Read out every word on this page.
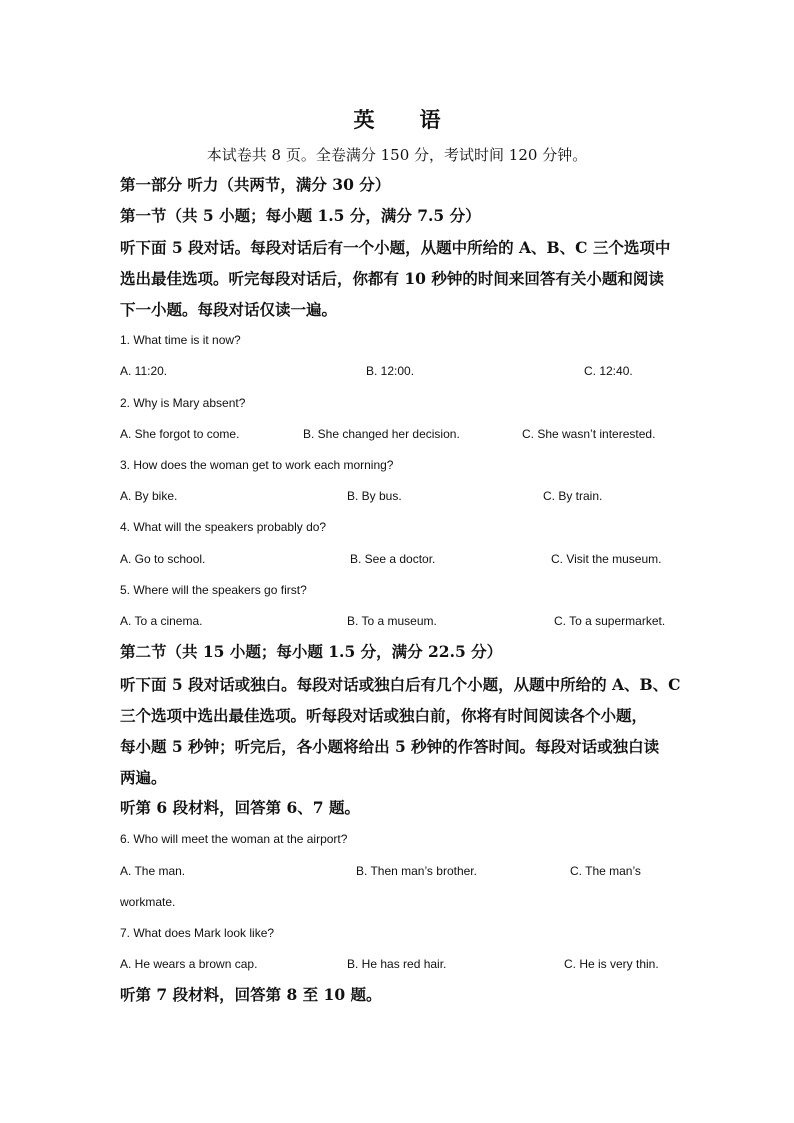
英 语
本试卷共 8 页。全卷满分 150 分，考试时间 120 分钟。
第一部分 听力（共两节，满分 30 分）
第一节（共 5 小题；每小题 1.5 分，满分 7.5 分）
听下面 5 段对话。每段对话后有一个小题，从题中所给的 A、B、C 三个选项中
选出最佳选项。听完每段对话后，你都有 10 秒钟的时间来回答有关小题和阅读
下一小题。每段对话仅读一遍。
1. What time is it now?
A. 11:20.	B. 12:00.	C. 12:40.
2. Why is Mary absent?
A. She forgot to come.	B. She changed her decision.	C. She wasn’t interested.
3. How does the woman get to work each morning?
A. By bike.	B. By bus.	C. By train.
4. What will the speakers probably do?
A. Go to school.	B. See a doctor.	C. Visit the museum.
5. Where will the speakers go first?
A. To a cinema.	B. To a museum.	C. To a supermarket.
第二节（共 15 小题；每小题 1.5 分，满分 22.5 分）
听下面 5 段对话或独白。每段对话或独白后有几个小题，从题中所给的 A、B、C
三个选项中选出最佳选项。听每段对话或独白前，你将有时间阅读各个小题，
每小题 5 秒钟；听完后，各小题将给出 5 秒钟的作答时间。每段对话或独白读
两遍。
听第 6 段材料，回答第 6、7 题。
6. Who will meet the woman at the airport?
A. The man.	B. Then man’s brother.	C. The man’s
workmate.
7. What does Mark look like?
A. He wears a brown cap.	B. He has red hair.	C. He is very thin.
听第 7 段材料，回答第 8 至 10 题。
